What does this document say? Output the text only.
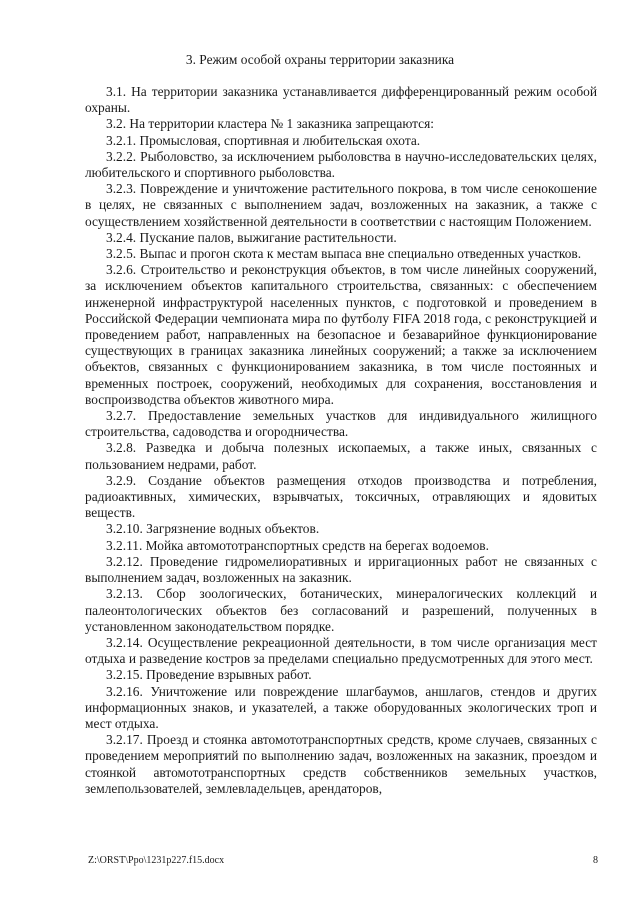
3. Режим особой охраны территории заказника

3.1. На территории заказника устанавливается дифференцированный режим особой охраны.

3.2. На территории кластера № 1 заказника запрещаются:

3.2.1. Промысловая, спортивная и любительская охота.

3.2.2. Рыболовство, за исключением рыболовства в научно-исследовательских целях, любительского и спортивного рыболовства.

3.2.3. Повреждение и уничтожение растительного покрова, в том числе сенокошение в целях, не связанных с выполнением задач, возложенных на заказник, а также с осуществлением хозяйственной деятельности в соответствии с настоящим Положением.

3.2.4. Пускание палов, выжигание растительности.

3.2.5. Выпас и прогон скота к местам выпаса вне специально отведенных участков.

3.2.6. Строительство и реконструкция объектов, в том числе линейных сооружений, за исключением объектов капитального строительства, связанных: с обеспечением инженерной инфраструктурой населенных пунктов, с подготовкой и проведением в Российской Федерации чемпионата мира по футболу FIFA 2018 года, с реконструкцией и проведением работ, направленных на безопасное и безаварийное функционирование существующих в границах заказника линейных сооружений; а также за исключением объектов, связанных с функционированием заказника, в том числе постоянных и временных построек, сооружений, необходимых для сохранения, восстановления и воспроизводства объектов животного мира.

3.2.7. Предоставление земельных участков для индивидуального жилищного строительства, садоводства и огородничества.

3.2.8. Разведка и добыча полезных ископаемых, а также иных, связанных с пользованием недрами, работ.

3.2.9. Создание объектов размещения отходов производства и потребления, радиоактивных, химических, взрывчатых, токсичных, отравляющих и ядовитых веществ.

3.2.10. Загрязнение водных объектов.

3.2.11. Мойка автомототранспортных средств на берегах водоемов.

3.2.12. Проведение гидромелиоративных и ирригационных работ не связанных с выполнением задач, возложенных на заказник.

3.2.13. Сбор зоологических, ботанических, минералогических коллекций и палеонтологических объектов без согласований и разрешений, полученных в установленном законодательством порядке.

3.2.14. Осуществление рекреационной деятельности, в том числе организация мест отдыха и разведение костров за пределами специально предусмотренных для этого мест.

3.2.15. Проведение взрывных работ.

3.2.16. Уничтожение или повреждение шлагбаумов, аншлагов, стендов и других информационных знаков, и указателей, а также оборудованных экологических троп и мест отдыха.

3.2.17. Проезд и стоянка автомототранспортных средств, кроме случаев, связанных с проведением мероприятий по выполнению задач, возложенных на заказник, проездом и стоянкой автомототранспортных средств собственников земельных участков, землепользователей, землевладельцев, арендаторов,

Z:\ORST\Ppo\1231p227.f15.docx	8
